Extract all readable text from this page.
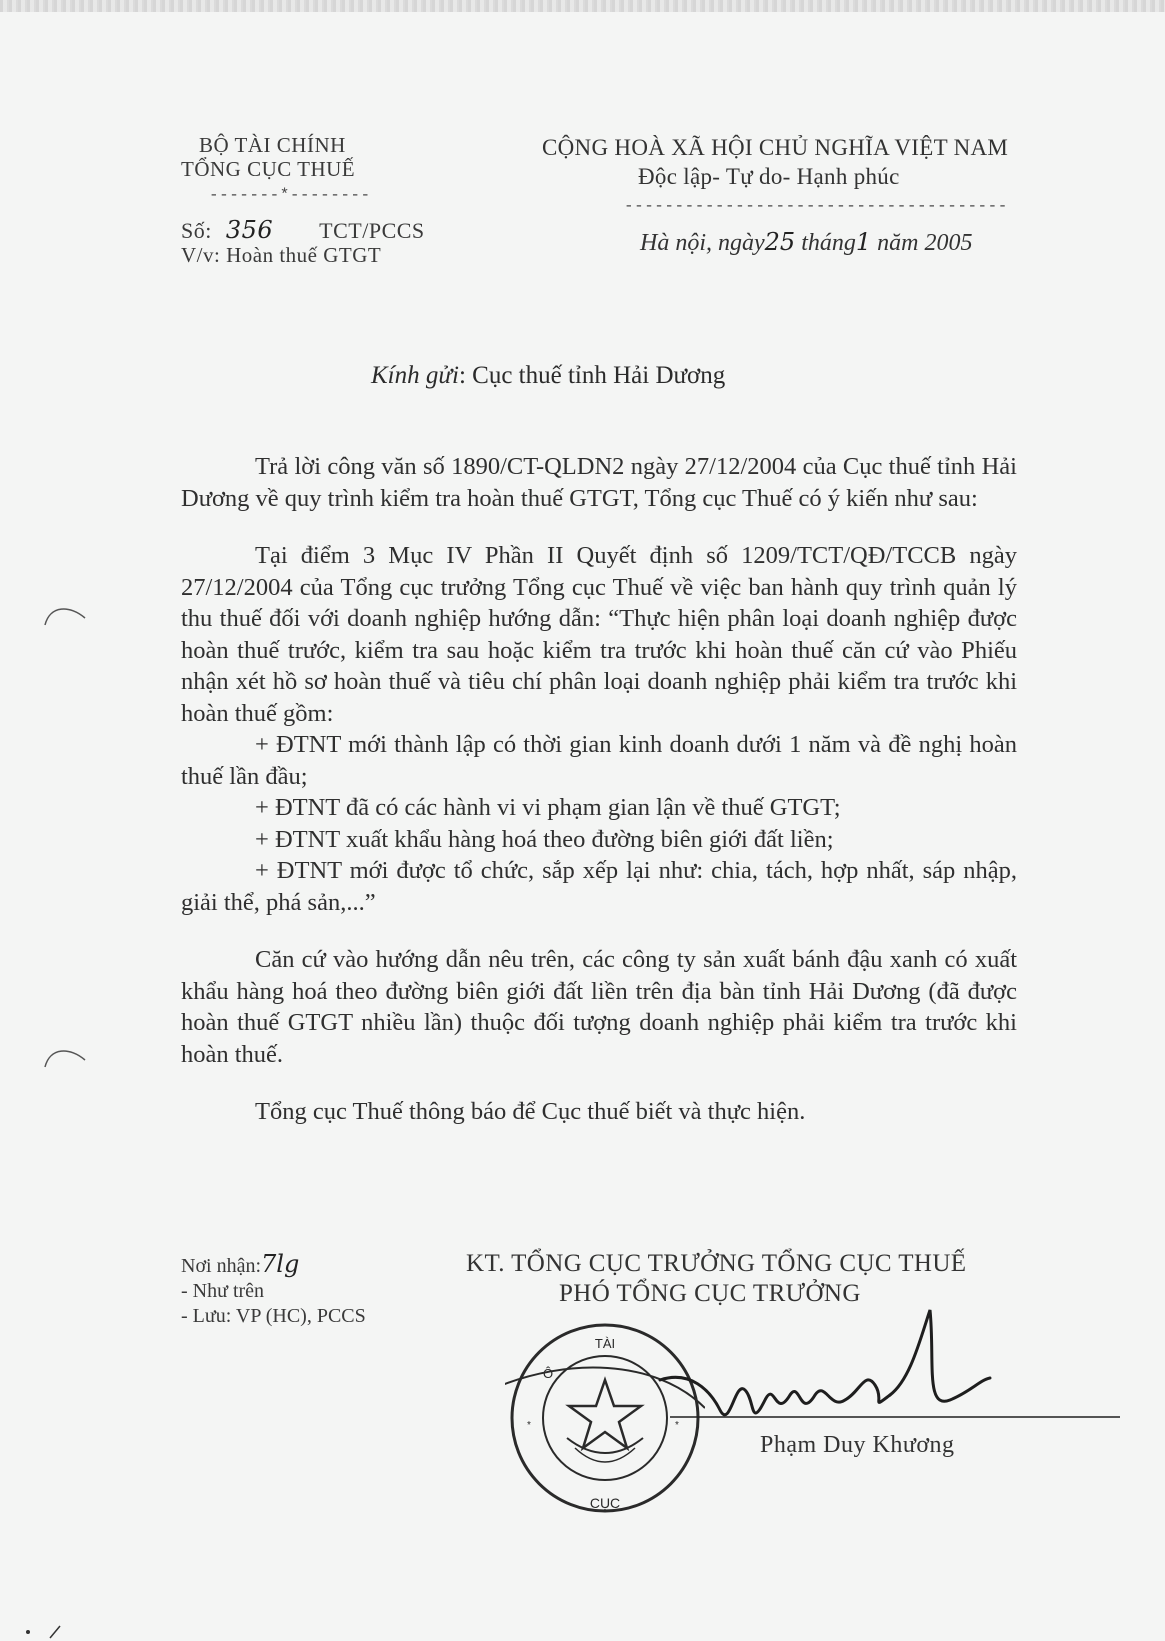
BỘ TÀI CHÍNH
TỔNG CỤC THUẾ
-------*--------
Số: 356 TCT/PCCS
V/v: Hoàn thuế GTGT
CỘNG HOÀ XÃ HỘI CHỦ NGHĨA VIỆT NAM
Độc lập- Tự do- Hạnh phúc
--------------------------------------
Hà nội, ngày25 tháng1 năm 2005
Kính gửi: Cục thuế tỉnh Hải Dương

Trả lời công văn số 1890/CT-QLDN2 ngày 27/12/2004 của Cục thuế tỉnh Hải Dương về quy trình kiểm tra hoàn thuế GTGT, Tổng cục Thuế có ý kiến như sau:

Tại điểm 3 Mục IV Phần II Quyết định số 1209/TCT/QĐ/TCCB ngày 27/12/2004 của Tổng cục trưởng Tổng cục Thuế về việc ban hành quy trình quản lý thu thuế đối với doanh nghiệp hướng dẫn: “Thực hiện phân loại doanh nghiệp được hoàn thuế trước, kiểm tra sau hoặc kiểm tra trước khi hoàn thuế căn cứ vào Phiếu nhận xét hồ sơ hoàn thuế và tiêu chí phân loại doanh nghiệp phải kiểm tra trước khi hoàn thuế gồm:

+ ĐTNT mới thành lập có thời gian kinh doanh dưới 1 năm và đề nghị hoàn thuế lần đầu;

+ ĐTNT đã có các hành vi vi phạm gian lận về thuế GTGT;

+ ĐTNT xuất khẩu hàng hoá theo đường biên giới đất liền;

+ ĐTNT mới được tổ chức, sắp xếp lại như: chia, tách, hợp nhất, sáp nhập, giải thể, phá sản,...”

Căn cứ vào hướng dẫn nêu trên, các công ty sản xuất bánh đậu xanh có xuất khẩu hàng hoá theo đường biên giới đất liền trên địa bàn tỉnh Hải Dương (đã được hoàn thuế GTGT nhiều lần) thuộc đối tượng doanh nghiệp phải kiểm tra trước khi hoàn thuế.

Tổng cục Thuế thông báo để Cục thuế biết và thực hiện.

Nơi nhận:7lg
- Như trên
- Lưu: VP (HC), PCCS
KT. TỔNG CỤC TRƯỞNG TỔNG CỤC THUẾ
PHÓ TỔNG CỤC TRƯỞNG
TÀI
Ô
CỤC
*	*
Phạm Duy Khương
